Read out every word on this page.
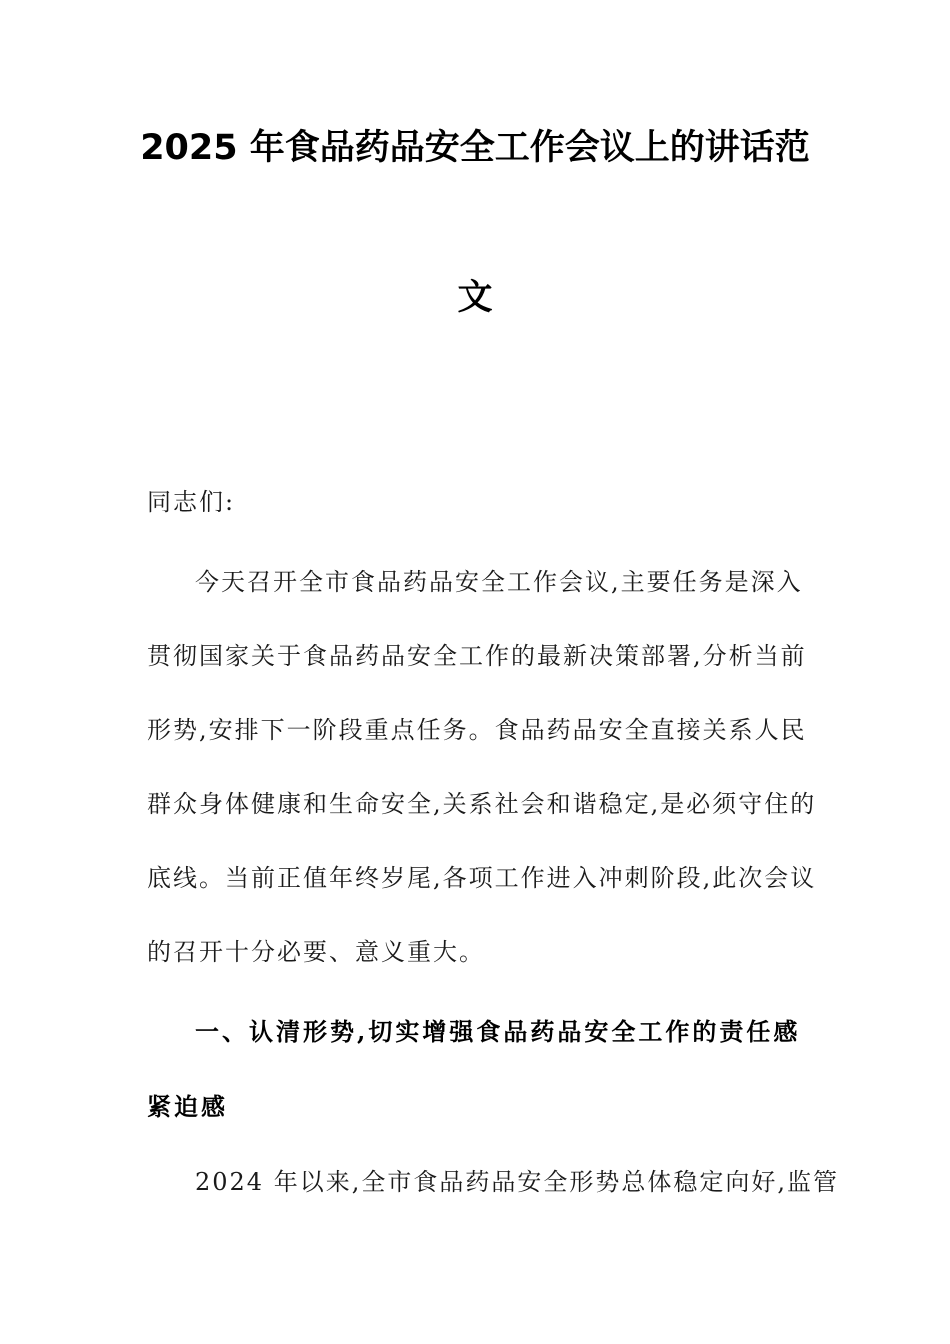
2025 年食品药品安全工作会议上的讲话范
文
同志们:
今天召开全市食品药品安全工作会议,主要任务是深入
贯彻国家关于食品药品安全工作的最新决策部署,分析当前
形势,安排下一阶段重点任务。食品药品安全直接关系人民
群众身体健康和生命安全,关系社会和谐稳定,是必须守住的
底线。当前正值年终岁尾,各项工作进入冲刺阶段,此次会议
的召开十分必要、意义重大。
一、认清形势,切实增强食品药品安全工作的责任感
紧迫感
2024 年以来,全市食品药品安全形势总体稳定向好,监管
